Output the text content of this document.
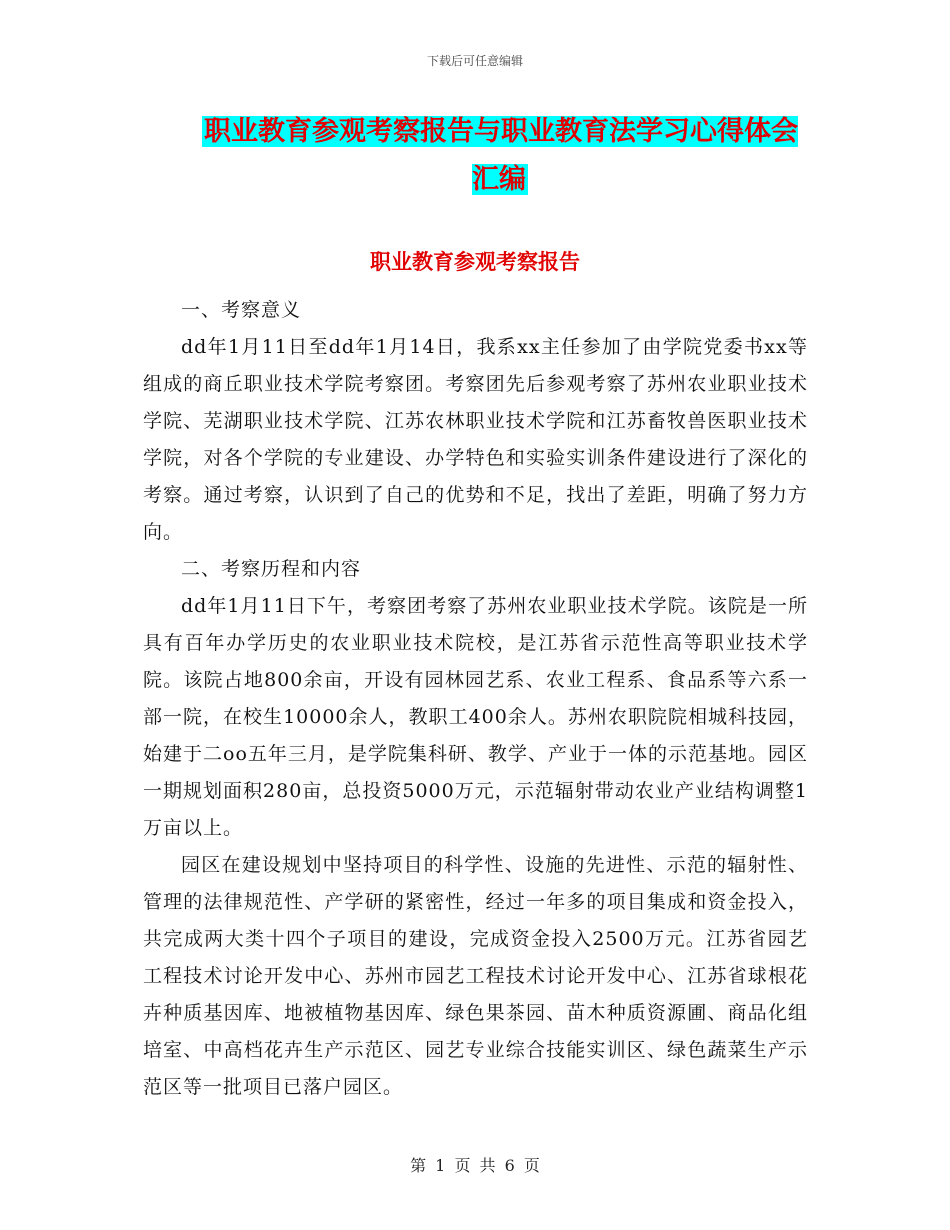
下载后可任意编辑
职业教育参观考察报告与职业教育法学习心得体会汇编
职业教育参观考察报告

一、考察意义

dd年1月11日至dd年1月14日，我系xx主任参加了由学院党委书xx等组成的商丘职业技术学院考察团。考察团先后参观考察了苏州农业职业技术学院、芜湖职业技术学院、江苏农林职业技术学院和江苏畜牧兽医职业技术学院，对各个学院的专业建设、办学特色和实验实训条件建设进行了深化的考察。通过考察，认识到了自己的优势和不足，找出了差距，明确了努力方向。

二、考察历程和内容

dd年1月11日下午，考察团考察了苏州农业职业技术学院。该院是一所具有百年办学历史的农业职业技术院校，是江苏省示范性高等职业技术学院。该院占地800余亩，开设有园林园艺系、农业工程系、食品系等六系一部一院，在校生10000余人，教职工400余人。苏州农职院院相城科技园，始建于二oo五年三月，是学院集科研、教学、产业于一体的示范基地。园区一期规划面积280亩，总投资5000万元，示范辐射带动农业产业结构调整1万亩以上。

园区在建设规划中坚持项目的科学性、设施的先进性、示范的辐射性、管理的法律规范性、产学研的紧密性，经过一年多的项目集成和资金投入，共完成两大类十四个子项目的建设，完成资金投入2500万元。江苏省园艺工程技术讨论开发中心、苏州市园艺工程技术讨论开发中心、江苏省球根花卉种质基因库、地被植物基因库、绿色果茶园、苗木种质资源圃、商品化组培室、中高档花卉生产示范区、园艺专业综合技能实训区、绿色蔬菜生产示范区等一批项目已落户园区。

第 1 页 共 6 页
